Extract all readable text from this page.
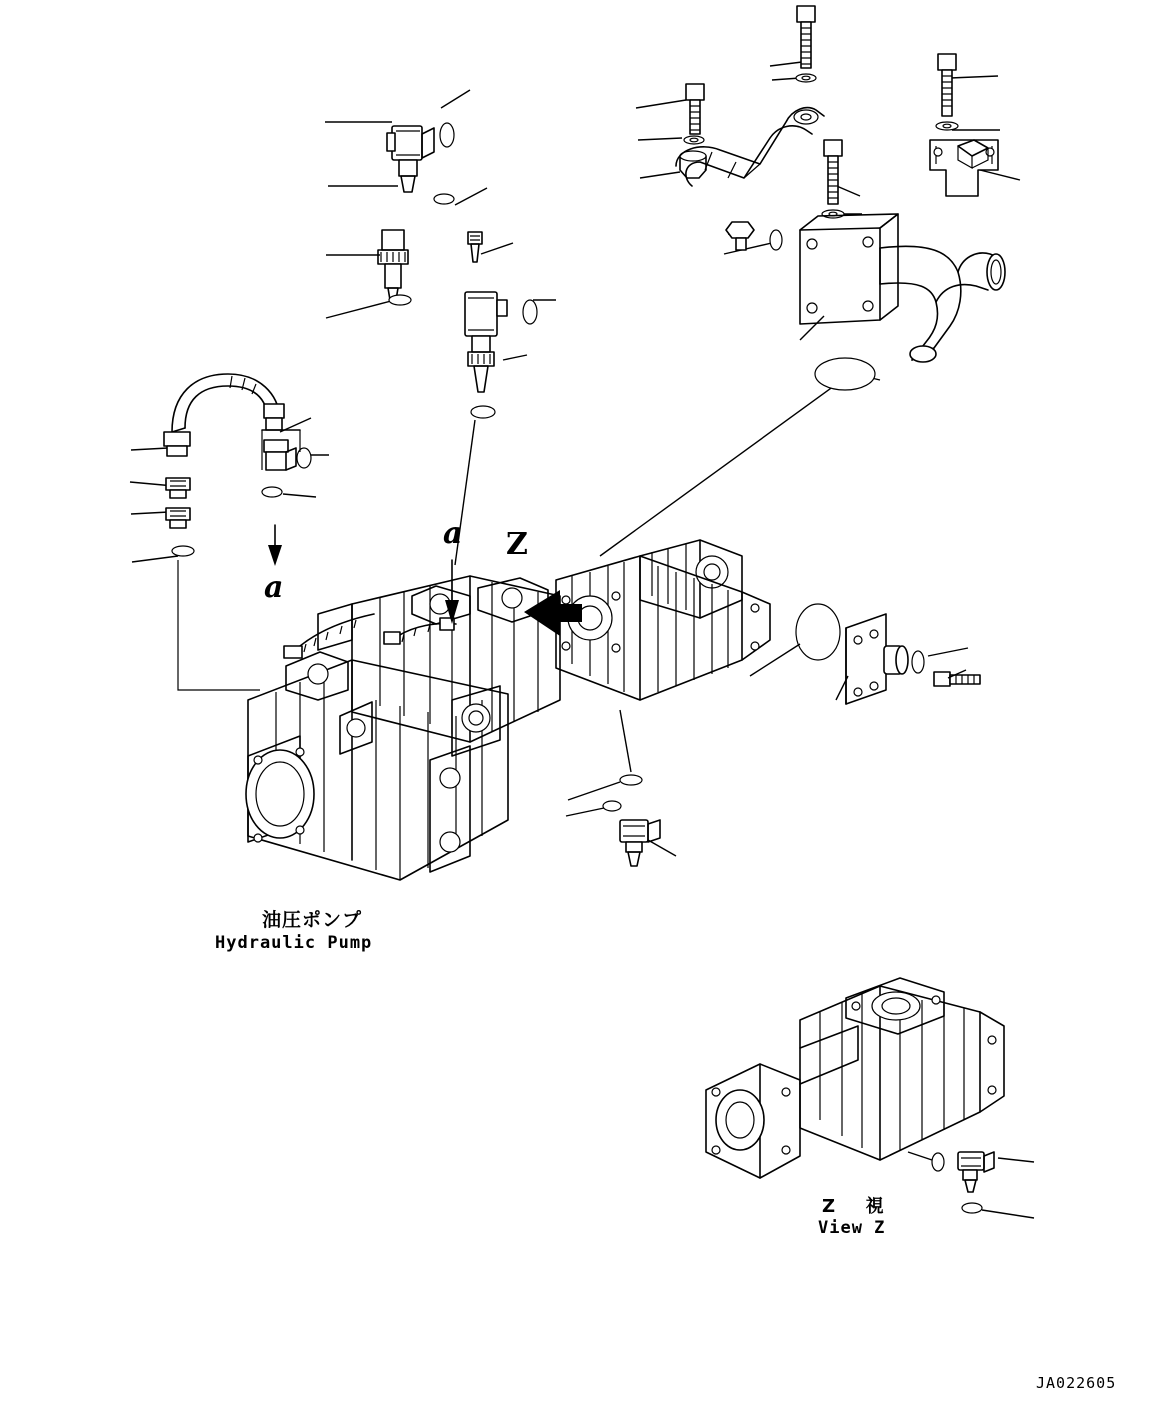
a
a
Z
油圧ポンプ
Hydraulic Pump
Z  視
View Z
JA022605
